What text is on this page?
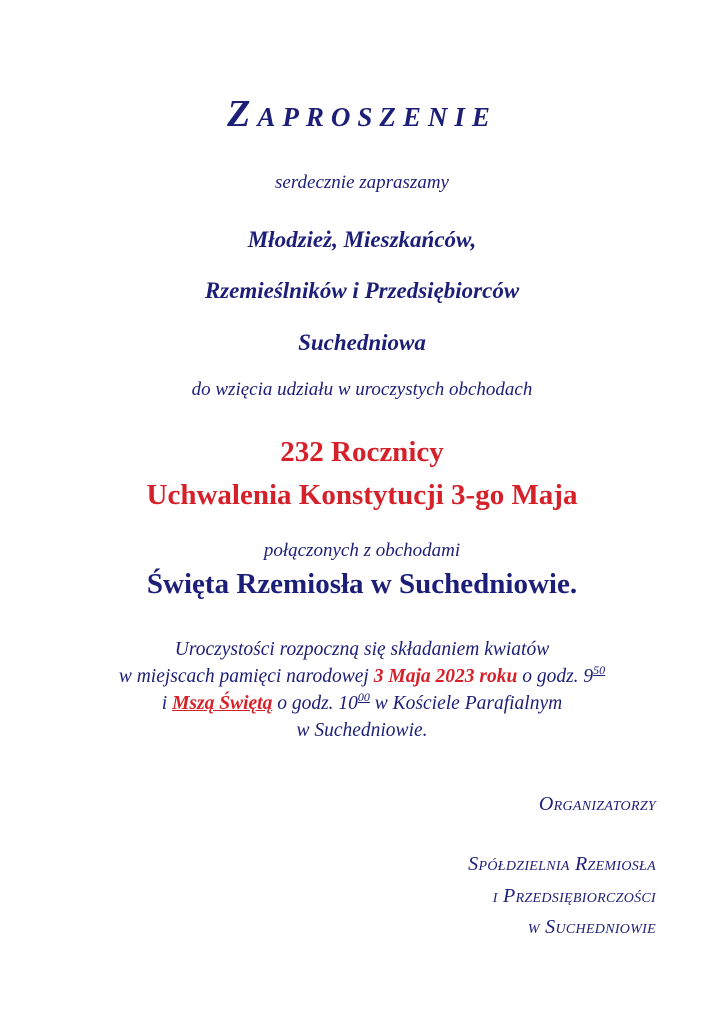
Zaproszenie
serdecznie zapraszamy
Młodzież, Mieszkańców,
Rzemieślników i Przedsiębiorców
Suchedniowa
do wzięcia udziału w uroczystych obchodach
232 Rocznicy
Uchwalenia Konstytucji 3-go Maja
połączonych z obchodami
Święta Rzemiosła w Suchedniowie.
Uroczystości rozpoczną się składaniem kwiatów
w miejscach pamięci narodowej 3 Maja 2023 roku o godz. $9^{50}$
i Mszą Świętą o godz. $10^{00}$ w Kościele Parafialnym
w Suchedniowie.
Organizatorzy
Spółdzielnia Rzemiosła
i Przedsiębiorczości
w Suchedniowie
